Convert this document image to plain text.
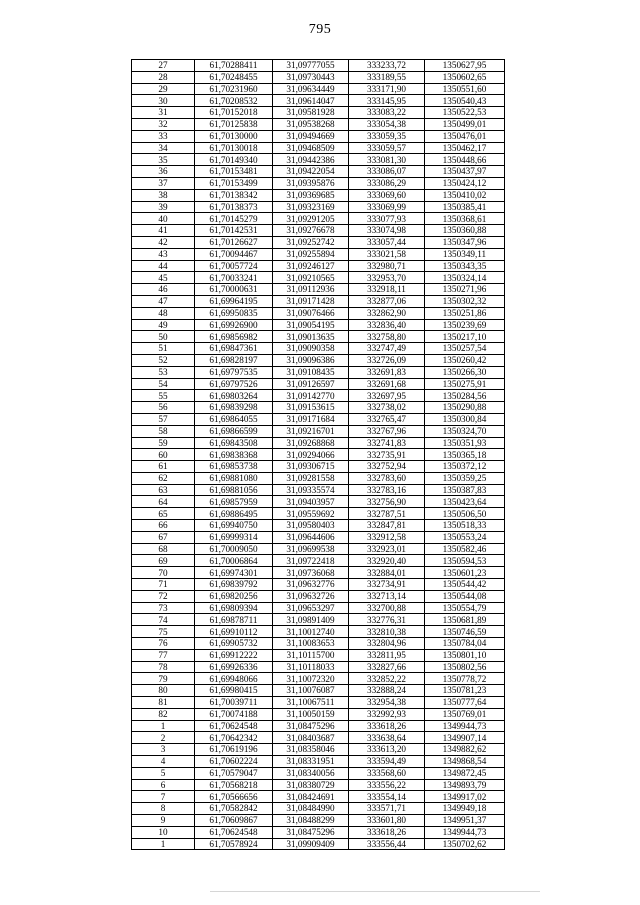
795
27	61,70288411	31,09777055	333233,72	1350627,95
28	61,70248455	31,09730443	333189,55	1350602,65
29	61,70231960	31,09634449	333171,90	1350551,60
30	61,70208532	31,09614047	333145,95	1350540,43
31	61,70152018	31,09581928	333083,22	1350522,53
32	61,70125838	31,09538268	333054,38	1350499,01
33	61,70130000	31,09494669	333059,35	1350476,01
34	61,70130018	31,09468509	333059,57	1350462,17
35	61,70149340	31,09442386	333081,30	1350448,66
36	61,70153481	31,09422054	333086,07	1350437,97
37	61,70153499	31,09395876	333086,29	1350424,12
38	61,70138342	31,09369685	333069,60	1350410,02
39	61,70138373	31,09323169	333069,99	1350385,41
40	61,70145279	31,09291205	333077,93	1350368,61
41	61,70142531	31,09276678	333074,98	1350360,88
42	61,70126627	31,09252742	333057,44	1350347,96
43	61,70094467	31,09255894	333021,58	1350349,11
44	61,70057724	31,09246127	332980,71	1350343,35
45	61,70033241	31,09210565	332953,70	1350324,14
46	61,70000631	31,09112936	332918,11	1350271,96
47	61,69964195	31,09171428	332877,06	1350302,32
48	61,69950835	31,09076466	332862,90	1350251,86
49	61,69926900	31,09054195	332836,40	1350239,69
50	61,69856982	31,09013635	332758,80	1350217,10
51	61,69847361	31,09090358	332747,49	1350257,54
52	61,69828197	31,09096386	332726,09	1350260,42
53	61,69797535	31,09108435	332691,83	1350266,30
54	61,69797526	31,09126597	332691,68	1350275,91
55	61,69803264	31,09142770	332697,95	1350284,56
56	61,69839298	31,09153615	332738,02	1350290,88
57	61,69864055	31,09171684	332765,47	1350300,84
58	61,69866599	31,09216701	332767,96	1350324,70
59	61,69843508	31,09268868	332741,83	1350351,93
60	61,69838368	31,09294066	332735,91	1350365,18
61	61,69853738	31,09306715	332752,94	1350372,12
62	61,69881080	31,09281558	332783,60	1350359,25
63	61,69881056	31,09335574	332783,16	1350387,83
64	61,69857959	31,09403957	332756,90	1350423,64
65	61,69886495	31,09559692	332787,51	1350506,50
66	61,69940750	31,09580403	332847,81	1350518,33
67	61,69999314	31,09644606	332912,58	1350553,24
68	61,70009050	31,09699538	332923,01	1350582,46
69	61,70006864	31,09722418	332920,40	1350594,53
70	61,69974301	31,09736068	332884,01	1350601,23
71	61,69839792	31,09632776	332734,91	1350544,42
72	61,69820256	31,09632726	332713,14	1350544,08
73	61,69809394	31,09653297	332700,88	1350554,79
74	61,69878711	31,09891409	332776,31	1350681,89
75	61,69910112	31,10012740	332810,38	1350746,59
76	61,69905732	31,10083653	332804,96	1350784,04
77	61,69912222	31,10115700	332811,95	1350801,10
78	61,69926336	31,10118033	332827,66	1350802,56
79	61,69948066	31,10072320	332852,22	1350778,72
80	61,69980415	31,10076087	332888,24	1350781,23
81	61,70039711	31,10067511	332954,38	1350777,64
82	61,70074188	31,10050159	332992,93	1350769,01
1	61,70624548	31,08475296	333618,26	1349944,73
2	61,70642342	31,08403687	333638,64	1349907,14
3	61,70619196	31,08358046	333613,20	1349882,62
4	61,70602224	31,08331951	333594,49	1349868,54
5	61,70579047	31,08340056	333568,60	1349872,45
6	61,70568218	31,08380729	333556,22	1349893,79
7	61,70566656	31,08424691	333554,14	1349917,02
8	61,70582842	31,08484990	333571,71	1349949,18
9	61,70609867	31,08488299	333601,80	1349951,37
10	61,70624548	31,08475296	333618,26	1349944,73
1	61,70578924	31,09909409	333556,44	1350702,62
